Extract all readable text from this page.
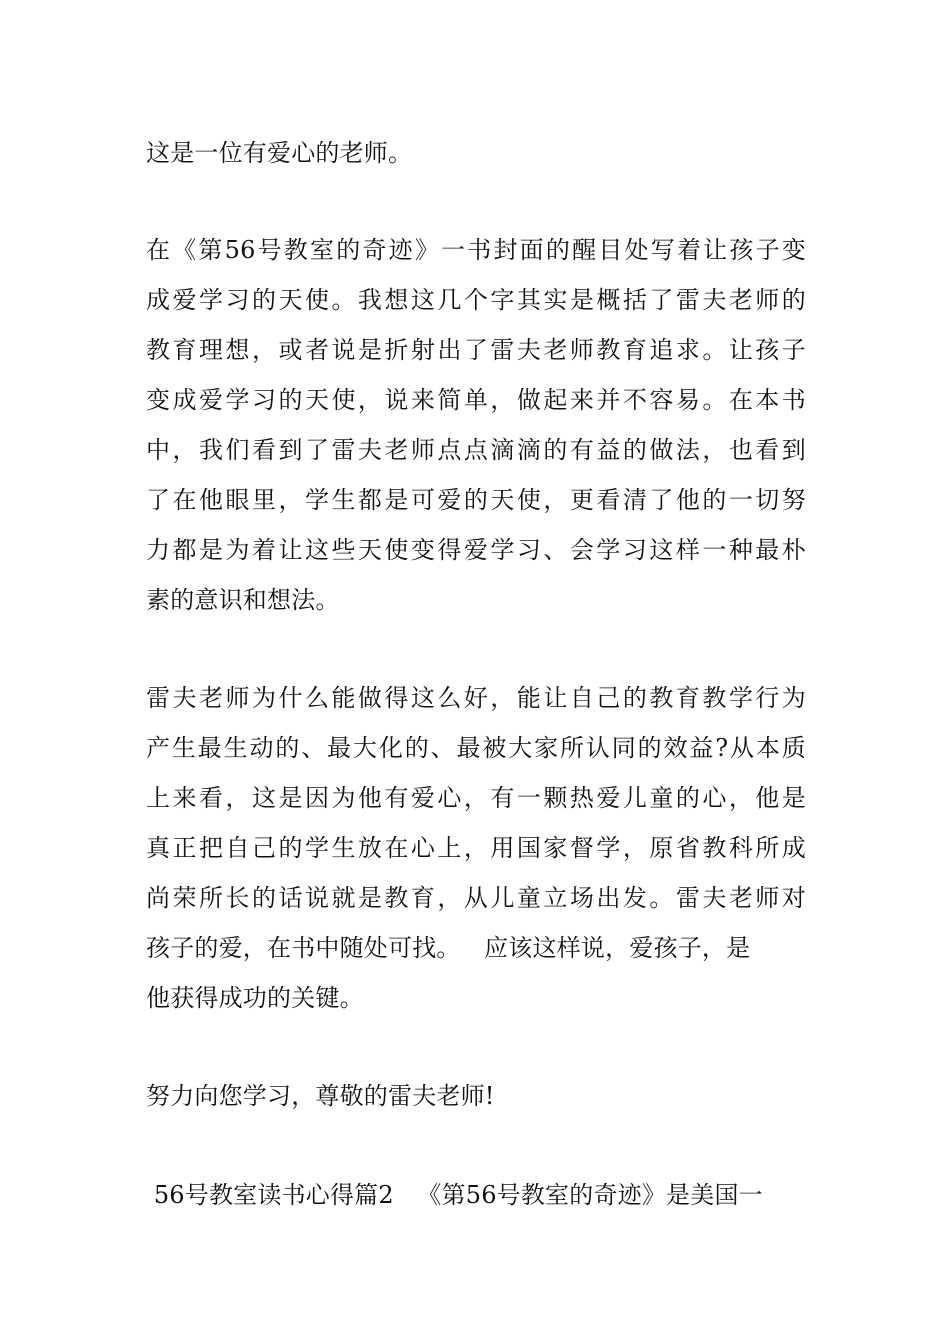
这是一位有爱心的老师。

在《第56号教室的奇迹》一书封面的醒目处写着让孩子变

成爱学习的天使。我想这几个字其实是概括了雷夫老师的

教育理想，或者说是折射出了雷夫老师教育追求。让孩子

变成爱学习的天使，说来简单，做起来并不容易。在本书

中，我们看到了雷夫老师点点滴滴的有益的做法，也看到

了在他眼里，学生都是可爱的天使，更看清了他的一切努

力都是为着让这些天使变得爱学习、会学习这样一种最朴

素的意识和想法。

雷夫老师为什么能做得这么好，能让自己的教育教学行为

产生最生动的、最大化的、最被大家所认同的效益?从本质

上来看，这是因为他有爱心，有一颗热爱儿童的心，他是

真正把自己的学生放在心上，用国家督学，原省教科所成

尚荣所长的话说就是教育，从儿童立场出发。雷夫老师对

孩子的爱，在书中随处可找。   应该这样说，爱孩子，是

他获得成功的关键。

努力向您学习，尊敬的雷夫老师!

56号教室读书心得篇2   《第56号教室的奇迹》是美国一
